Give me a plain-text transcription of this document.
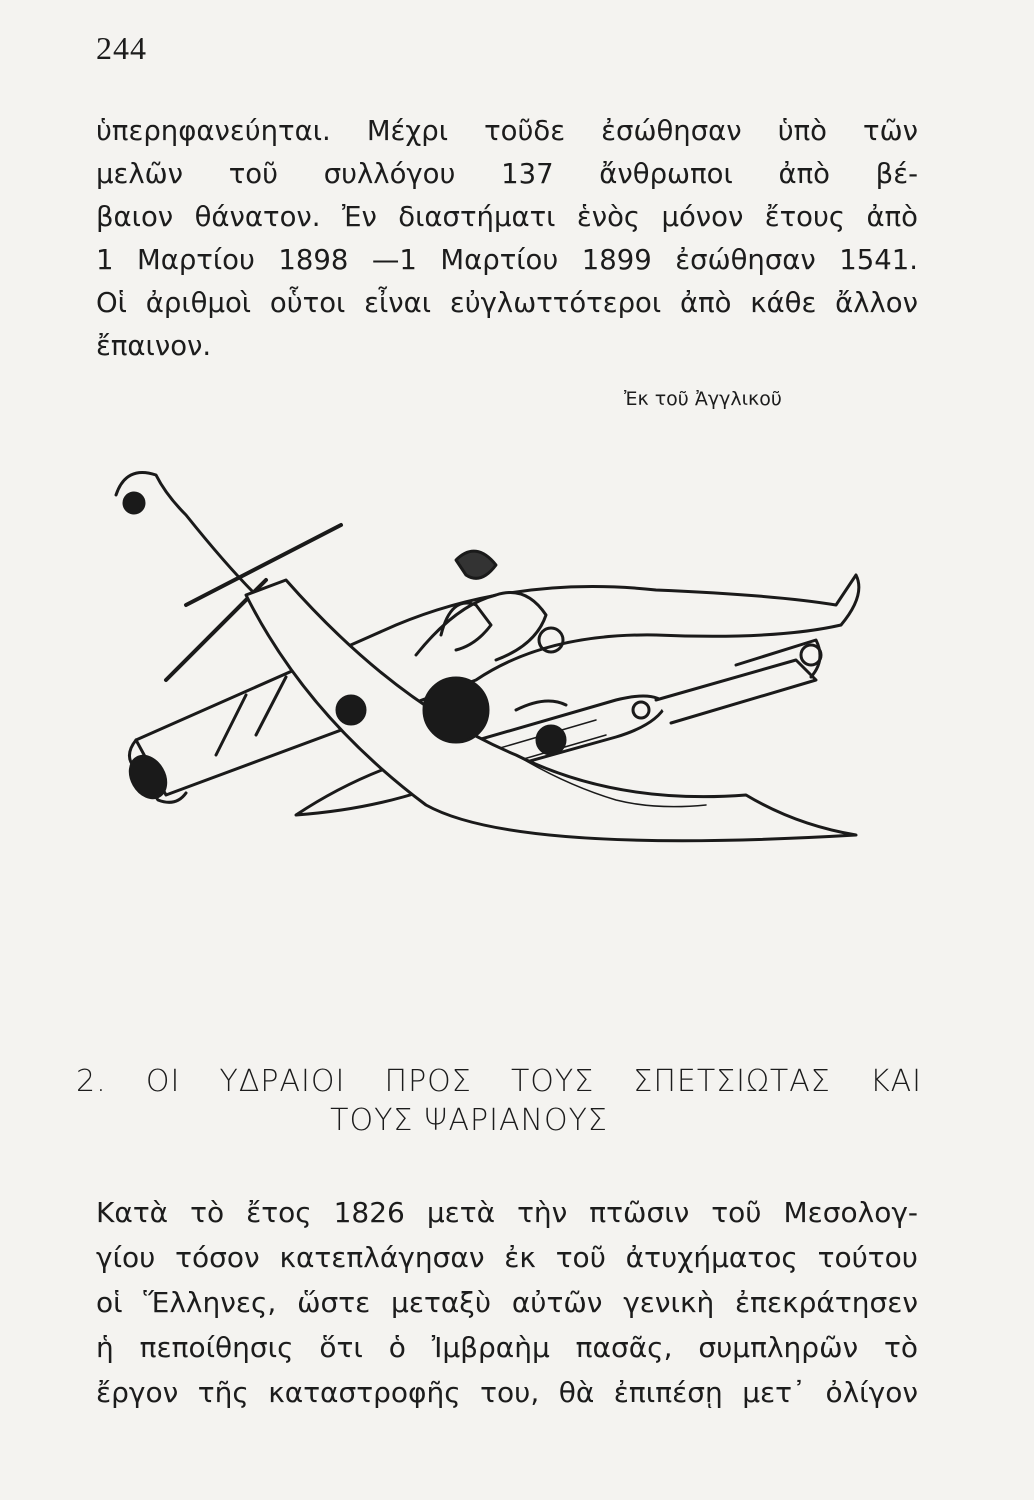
244
ὑπερηφανεύηται. Μέχρι τοῦδε ἐσώθησαν ὑπὸ τῶν
μελῶν τοῦ συλλόγου 137 ἄνθρωποι ἀπὸ βέ-
βαιον θάνατον. Ἐν διαστήματι ἑνὸς μόνον ἔτους ἀπὸ
1 Μαρτίου 1898 —1 Μαρτίου 1899 ἐσώθησαν 1541.
Οἱ ἀριθμοὶ οὗτοι εἶναι εὐγλωττότεροι ἀπὸ κάθε ἄλλον
ἔπαινον.
Ἐκ τοῦ Ἀγγλικοῦ
2. ΟΙ ΥΔΡΑΙΟΙ ΠΡΟΣ ΤΟΥΣ ΣΠΕΤΣΙΩΤΑΣ ΚΑΙ
ΤΟΥΣ ΨΑΡΙΑΝΟΥΣ
Κατὰ τὸ ἔτος 1826 μετὰ τὴν πτῶσιν τοῦ Μεσολογ-
γίου τόσον κατεπλάγησαν ἐκ τοῦ ἀτυχήματος τούτου
οἱ Ἕλληνες, ὥστε μεταξὺ αὐτῶν γενικὴ ἐπεκράτησεν
ἡ πεποίθησις ὅτι ὁ Ἰμβραὴμ πασᾶς, συμπληρῶν τὸ
ἔργον τῆς καταστροφῆς του, θὰ ἐπιπέσῃ μετ᾿ ὀλίγον
